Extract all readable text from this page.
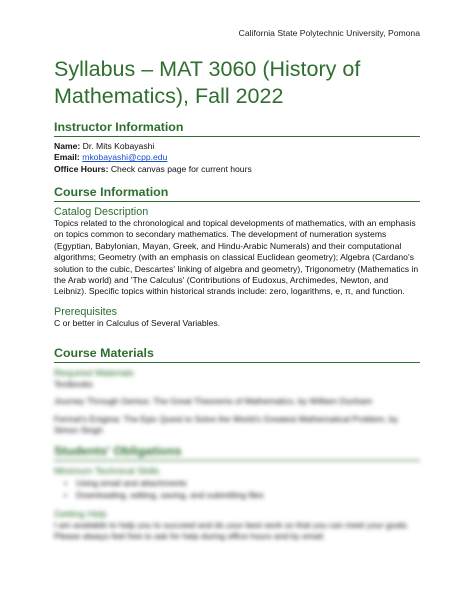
California State Polytechnic University, Pomona
Syllabus – MAT 3060 (History of Mathematics), Fall 2022
Instructor Information
Name: Dr. Mits Kobayashi
Email: mkobayashi@cpp.edu
Office Hours: Check canvas page for current hours
Course Information
Catalog Description
Topics related to the chronological and topical developments of mathematics, with an emphasis on topics common to secondary mathematics. The development of numeration systems (Egyptian, Babylonian, Mayan, Greek, and Hindu-Arabic Numerals) and their computational algorithms; Geometry (with an emphasis on classical Euclidean geometry); Algebra (Cardano's solution to the cubic, Descartes' linking of algebra and geometry), Trigonometry (Mathematics in the Arab world) and 'The Calculus' (Contributions of Eudoxus, Archimedes, Newton, and Leibniz). Specific topics within historical strands include: zero, logarithms, e, π, and function.
Prerequisites
C or better in Calculus of Several Variables.
Course Materials
Required Materials
Textbooks
Journey Through Genius: The Great Theorems of Mathematics, by William Dunham
Fermat's Enigma: The Epic Quest to Solve the World's Greatest Mathematical Problem, by Simon Singh
Students' Obligations
Minimum Technical Skills
• Using email and attachments
• Downloading, editing, saving, and submitting files
Getting Help
I am available to help you to succeed and do your best work so that you can meet your goals. Please always feel free to ask for help during office hours and by email.
